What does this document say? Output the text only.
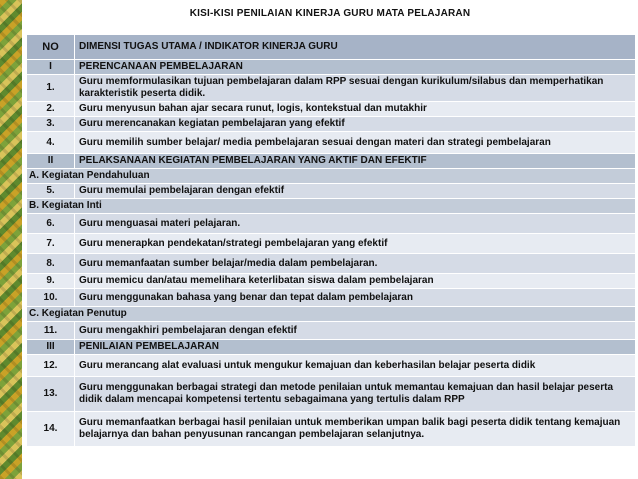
KISI-KISI PENILAIAN KINERJA GURU MATA PELAJARAN
NO	DIMENSI TUGAS UTAMA / INDIKATOR KINERJA GURU
I	PERENCANAAN PEMBELAJARAN
1.	Guru memformulasikan tujuan pembelajaran dalam RPP sesuai dengan kurikulum/silabus dan memperhatikan karakteristik peserta didik.
2.	Guru menyusun bahan ajar secara runut, logis, kontekstual dan mutakhir
3.	Guru merencanakan kegiatan pembelajaran yang efektif
4.	Guru memilih sumber belajar/ media pembelajaran sesuai dengan materi dan strategi pembelajaran
II	PELAKSANAAN KEGIATAN PEMBELAJARAN YANG AKTIF DAN EFEKTIF
A. Kegiatan Pendahuluan	
5.	Guru memulai pembelajaran dengan efektif
B. Kegiatan Inti	
6.	Guru menguasai materi pelajaran.
7.	Guru menerapkan pendekatan/strategi pembelajaran yang efektif
8.	Guru memanfaatan sumber belajar/media dalam pembelajaran.
9.	Guru memicu dan/atau memelihara keterlibatan siswa dalam pembelajaran
10.	Guru menggunakan bahasa yang benar dan tepat dalam pembelajaran
C. Kegiatan Penutup	
11.	Guru mengakhiri pembelajaran dengan efektif
III	PENILAIAN PEMBELAJARAN
12.	Guru merancang alat evaluasi untuk mengukur kemajuan dan keberhasilan belajar peserta didik
13.	Guru menggunakan berbagai strategi dan metode penilaian untuk memantau kemajuan dan hasil belajar peserta didik dalam mencapai kompetensi tertentu sebagaimana yang tertulis dalam RPP
14.	Guru memanfaatkan berbagai hasil penilaian untuk memberikan umpan balik bagi peserta didik tentang kemajuan belajarnya dan bahan penyusunan rancangan pembelajaran selanjutnya.
